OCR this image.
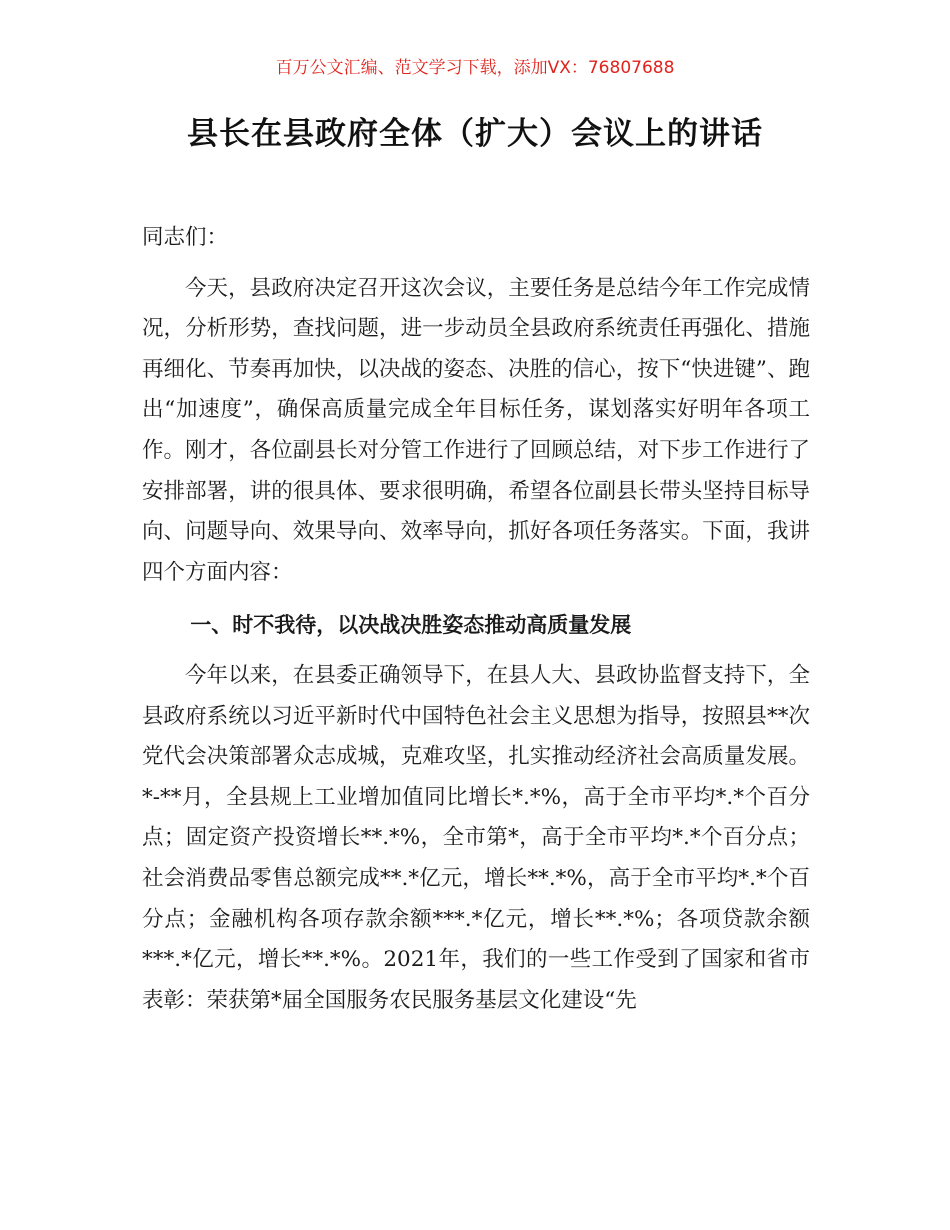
百万公文汇编、范文学习下载，添加VX：76807688
县长在县政府全体（扩大）会议上的讲话

同志们：

今天，县政府决定召开这次会议，主要任务是总结今年工作完成情况，分析形势，查找问题，进一步动员全县政府系统责任再强化、措施再细化、节奏再加快，以决战的姿态、决胜的信心，按下“快进键”、跑出“加速度”，确保高质量完成全年目标任务，谋划落实好明年各项工作。刚才，各位副县长对分管工作进行了回顾总结，对下步工作进行了安排部署，讲的很具体、要求很明确，希望各位副县长带头坚持目标导向、问题导向、效果导向、效率导向，抓好各项任务落实。下面，我讲四个方面内容：

一、时不我待，以决战决胜姿态推动高质量发展

今年以来，在县委正确领导下，在县人大、县政协监督支持下，全县政府系统以习近平新时代中国特色社会主义思想为指导，按照县**次党代会决策部署众志成城，克难攻坚，扎实推动经济社会高质量发展。*-**月，全县规上工业增加值同比增长*.*%，高于全市平均*.*个百分点；固定资产投资增长**.*%，全市第*，高于全市平均*.*个百分点；社会消费品零售总额完成**.*亿元，增长**.*%，高于全市平均*.*个百分点；金融机构各项存款余额***.*亿元，增长**.*%；各项贷款余额***.*亿元，增长**.*%。2021年，我们的一些工作受到了国家和省市表彰：荣获第*届全国服务农民服务基层文化建设“先
